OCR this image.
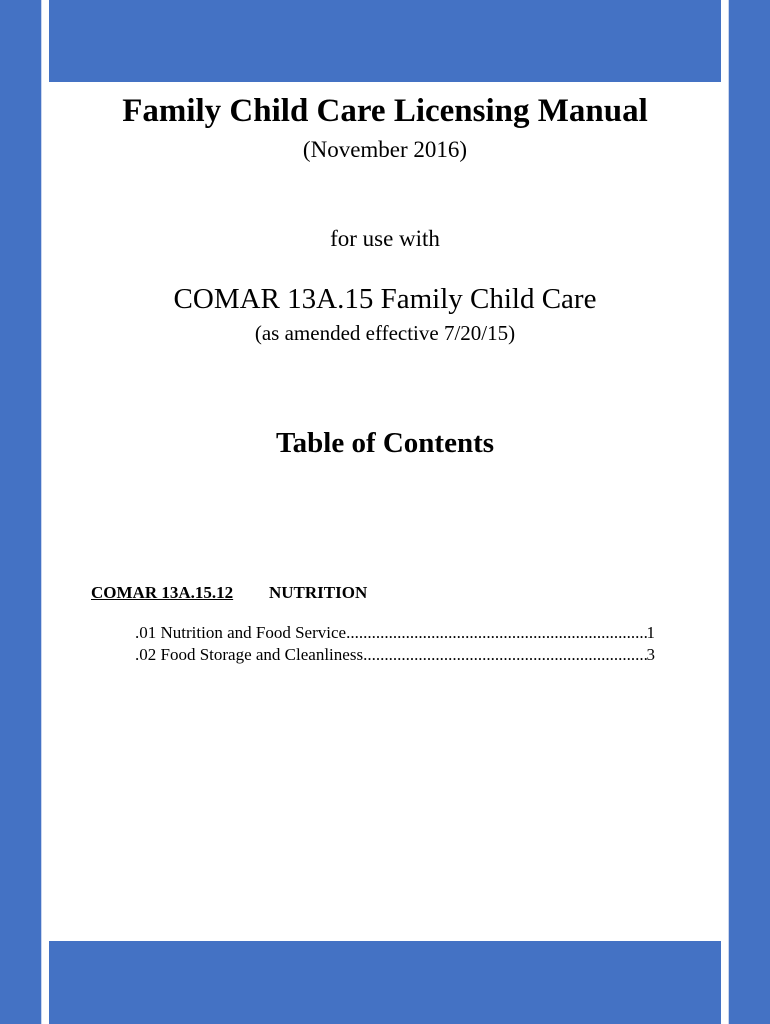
Family Child Care Licensing Manual
(November 2016)
for use with
COMAR 13A.15 Family Child Care
(as amended effective 7/20/15)
Table of Contents
COMAR 13A.15.12 NUTRITION
.01 Nutrition and Food Service .....	1
.02 Food Storage and Cleanliness .....	3
